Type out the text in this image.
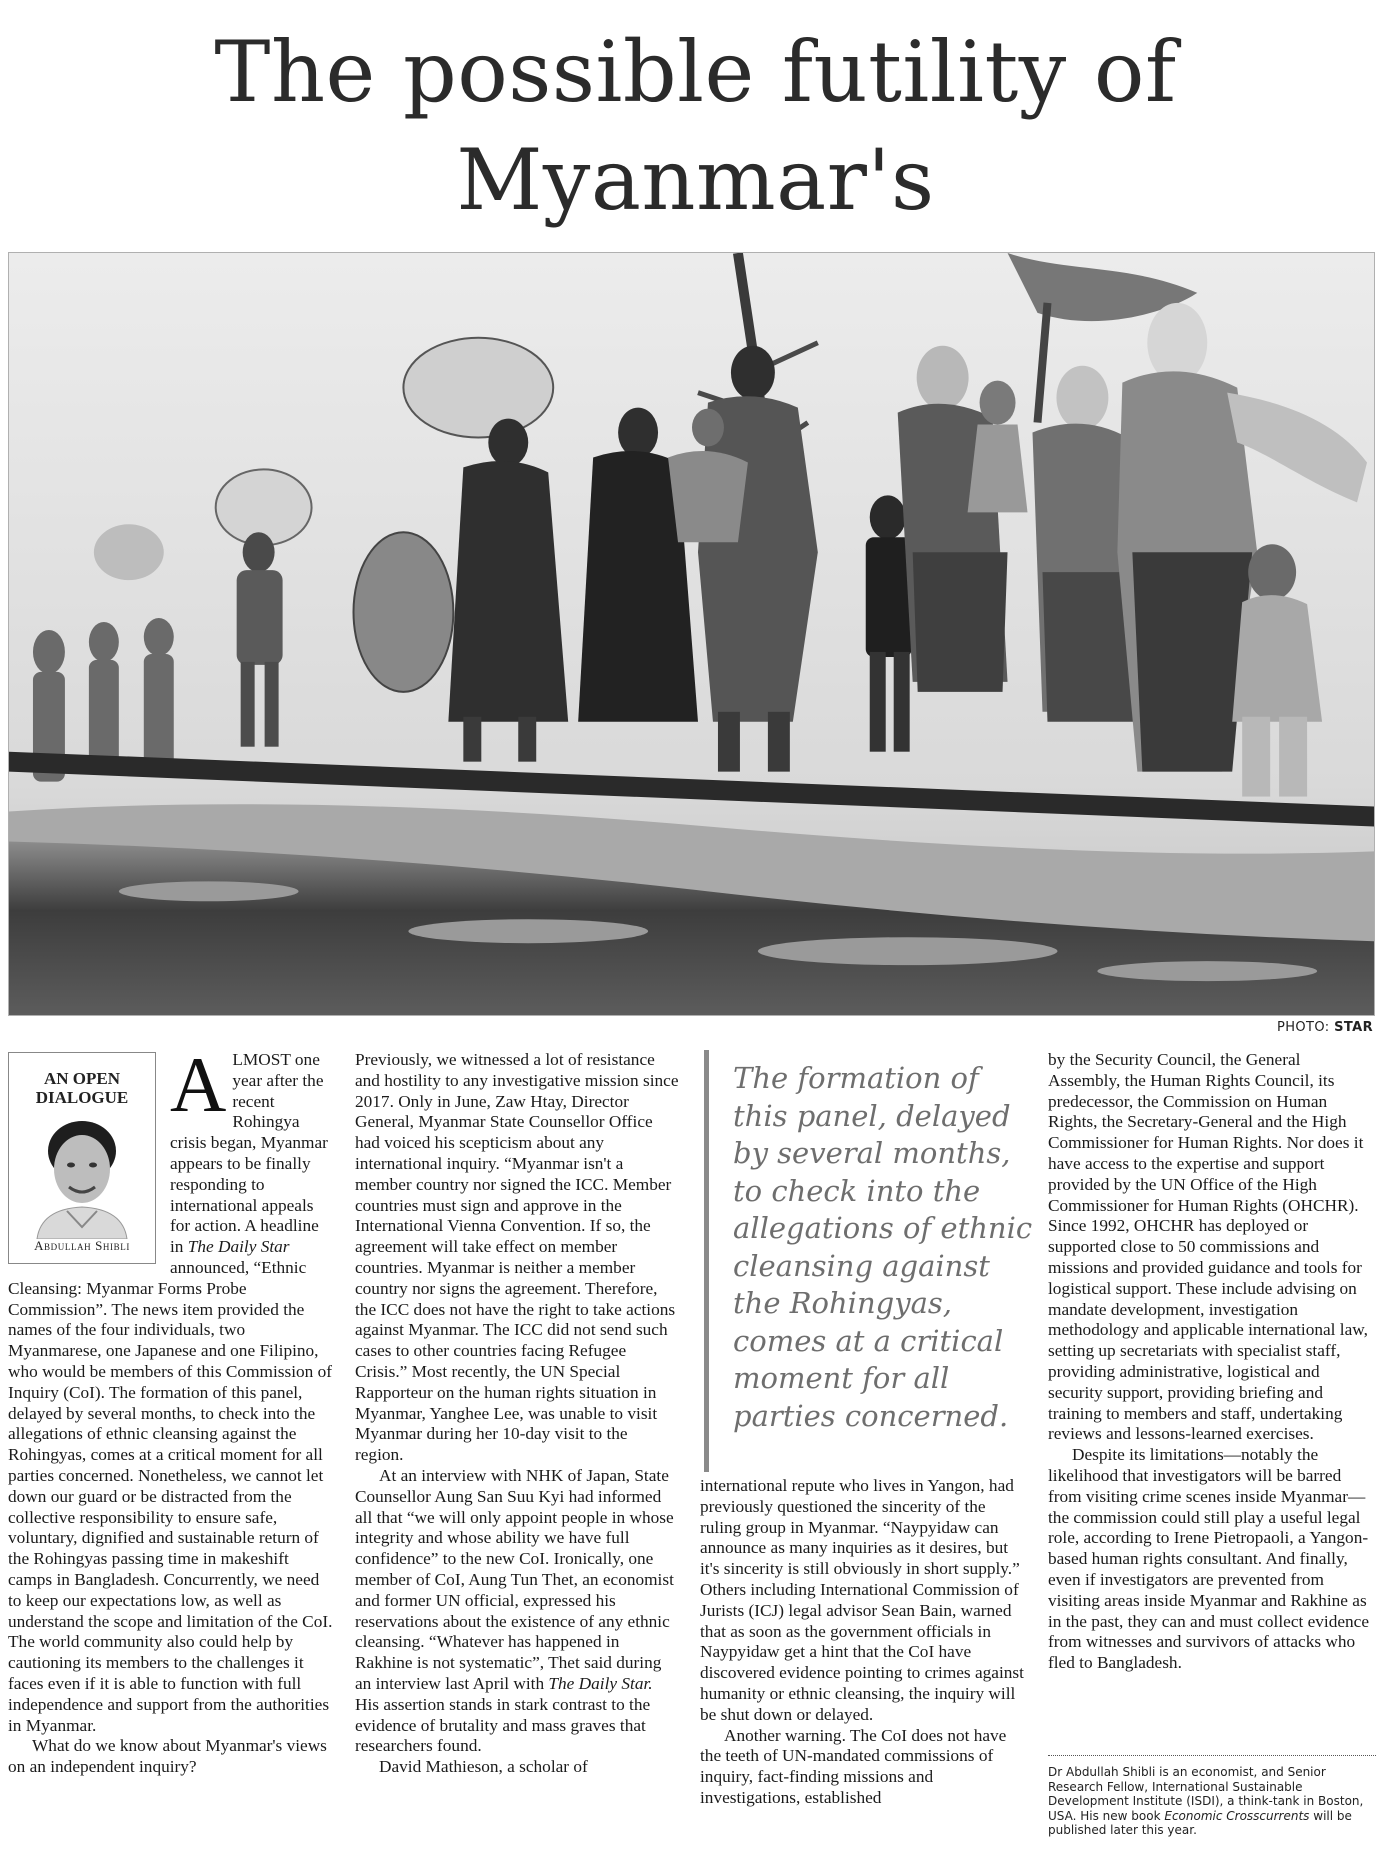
The possible futility of Myanmar's

PHOTO: STAR
AN OPEN
DIALOGUE
Abdullah Shibli
A LMOST one year after the recent Rohingya crisis began, Myanmar appears to be finally responding to international appeals for action. A headline in The Daily Star announced, “Ethnic Cleansing: Myanmar Forms Probe Commission”. The news item provided the names of the four individuals, two Myanmarese, one Japanese and one Filipino, who would be members of this Commission of Inquiry (CoI). The formation of this panel, delayed by several months, to check into the allegations of ethnic cleansing against the Rohingyas, comes at a critical moment for all parties concerned. Nonetheless, we cannot let down our guard or be distracted from the collective responsibility to ensure safe, voluntary, dignified and sustainable return of the Rohingyas passing time in makeshift camps in Bangladesh. Concurrently, we need to keep our expectations low, as well as understand the scope and limitation of the CoI. The world community also could help by cautioning its members to the challenges it faces even if it is able to function with full independence and support from the authorities in Myanmar.

What do we know about Myanmar's views on an independent inquiry?

Previously, we witnessed a lot of resistance and hostility to any investigative mission since 2017. Only in June, Zaw Htay, Director General, Myanmar State Counsellor Office had voiced his scepticism about any international inquiry. “Myanmar isn't a member country nor signed the ICC. Member countries must sign and approve in the International Vienna Convention. If so, the agreement will take effect on member countries. Myanmar is neither a member country nor signs the agreement. Therefore, the ICC does not have the right to take actions against Myanmar. The ICC did not send such cases to other countries facing Refugee Crisis.” Most recently, the UN Special Rapporteur on the human rights situation in Myanmar, Yanghee Lee, was unable to visit Myanmar during her 10-day visit to the region.

At an interview with NHK of Japan, State Counsellor Aung San Suu Kyi had informed all that “we will only appoint people in whose integrity and whose ability we have full confidence” to the new CoI. Ironically, one member of CoI, Aung Tun Thet, an economist and former UN official, expressed his reservations about the existence of any ethnic cleansing. “Whatever has happened in Rakhine is not systematic”, Thet said during an interview last April with The Daily Star. His assertion stands in stark contrast to the evidence of brutality and mass graves that researchers found.

David Mathieson, a scholar of

The formation of this panel, delayed by several months, to check into the allegations of ethnic cleansing against the Rohingyas, comes at a critical moment for all parties concerned.

international repute who lives in Yangon, had previously questioned the sincerity of the ruling group in Myanmar. “Naypyidaw can announce as many inquiries as it desires, but it's sincerity is still obviously in short supply.” Others including International Commission of Jurists (ICJ) legal advisor Sean Bain, warned that as soon as the government officials in Naypyidaw get a hint that the CoI have discovered evidence pointing to crimes against humanity or ethnic cleansing, the inquiry will be shut down or delayed.

Another warning. The CoI does not have the teeth of UN-mandated commissions of inquiry, fact-finding missions and investigations, established

by the Security Council, the General Assembly, the Human Rights Council, its predecessor, the Commission on Human Rights, the Secretary-General and the High Commissioner for Human Rights. Nor does it have access to the expertise and support provided by the UN Office of the High Commissioner for Human Rights (OHCHR). Since 1992, OHCHR has deployed or supported close to 50 commissions and missions and provided guidance and tools for logistical support. These include advising on mandate development, investigation methodology and applicable international law, setting up secretariats with specialist staff, providing administrative, logistical and security support, providing briefing and training to members and staff, undertaking reviews and lessons-learned exercises.

Despite its limitations—notably the likelihood that investigators will be barred from visiting crime scenes inside Myanmar—the commission could still play a useful legal role, according to Irene Pietropaoli, a Yangon-based human rights consultant. And finally, even if investigators are prevented from visiting areas inside Myanmar and Rakhine as in the past, they can and must collect evidence from witnesses and survivors of attacks who fled to Bangladesh.

Dr Abdullah Shibli is an economist, and Senior Research Fellow, International Sustainable Development Institute (ISDI), a think-tank in Boston, USA. His new book Economic Crosscurrents will be published later this year.
